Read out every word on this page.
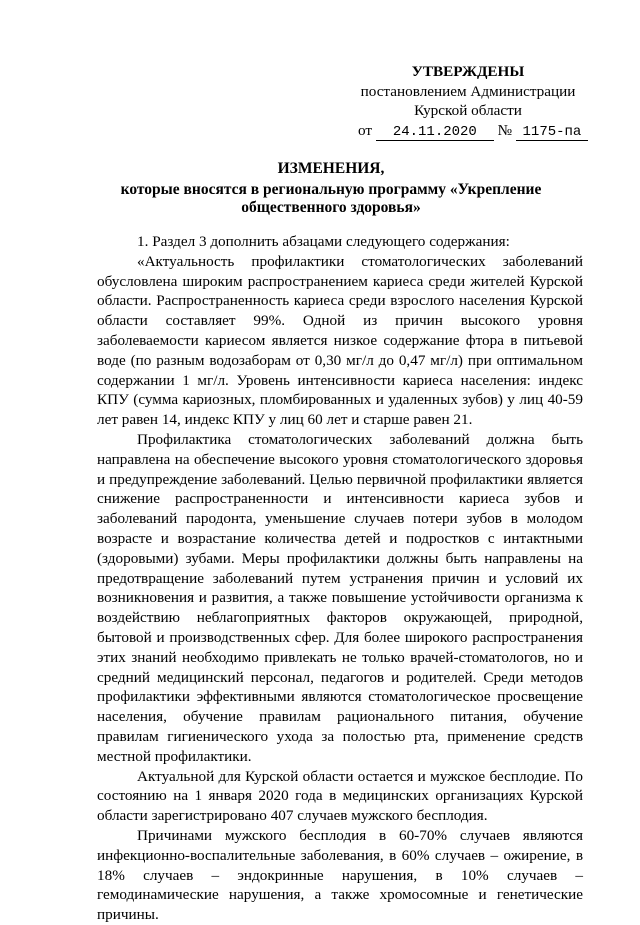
УТВЕРЖДЕНЫ
постановлением Администрации
Курской области
от 24.11.2020 № 1175-па
ИЗМЕНЕНИЯ,
которые вносятся в региональную программу «Укрепление общественного здоровья»

1. Раздел 3 дополнить абзацами следующего содержания:

«Актуальность профилактики стоматологических заболеваний обусловлена широким распространением кариеса среди жителей Курской области. Распространенность кариеса среди взрослого населения Курской области составляет 99%. Одной из причин высокого уровня заболеваемости кариесом является низкое содержание фтора в питьевой воде (по разным водозаборам от 0,30 мг/л до 0,47 мг/л) при оптимальном содержании 1 мг/л. Уровень интенсивности кариеса населения: индекс КПУ (сумма кариозных, пломбированных и удаленных зубов) у лиц 40-59 лет равен 14, индекс КПУ у лиц 60 лет и старше равен 21.

Профилактика стоматологических заболеваний должна быть направлена на обеспечение высокого уровня стоматологического здоровья и предупреждение заболеваний. Целью первичной профилактики является снижение распространенности и интенсивности кариеса зубов и заболеваний пародонта, уменьшение случаев потери зубов в молодом возрасте и возрастание количества детей и подростков с интактными (здоровыми) зубами. Меры профилактики должны быть направлены на предотвращение заболеваний путем устранения причин и условий их возникновения и развития, а также повышение устойчивости организма к воздействию неблагоприятных факторов окружающей, природной, бытовой и производственных сфер. Для более широкого распространения этих знаний необходимо привлекать не только врачей-стоматологов, но и средний медицинский персонал, педагогов и родителей. Среди методов профилактики эффективными являются стоматологическое просвещение населения, обучение правилам рационального питания, обучение правилам гигиенического ухода за полостью рта, применение средств местной профилактики.

Актуальной для Курской области остается и мужское бесплодие. По состоянию на 1 января 2020 года в медицинских организациях Курской области зарегистрировано 407 случаев мужского бесплодия.

Причинами мужского бесплодия в 60-70% случаев являются инфекционно-воспалительные заболевания, в 60% случаев – ожирение, в 18% случаев – эндокринные нарушения, в 10% случаев – гемодинамические нарушения, а также хромосомные и генетические причины.
